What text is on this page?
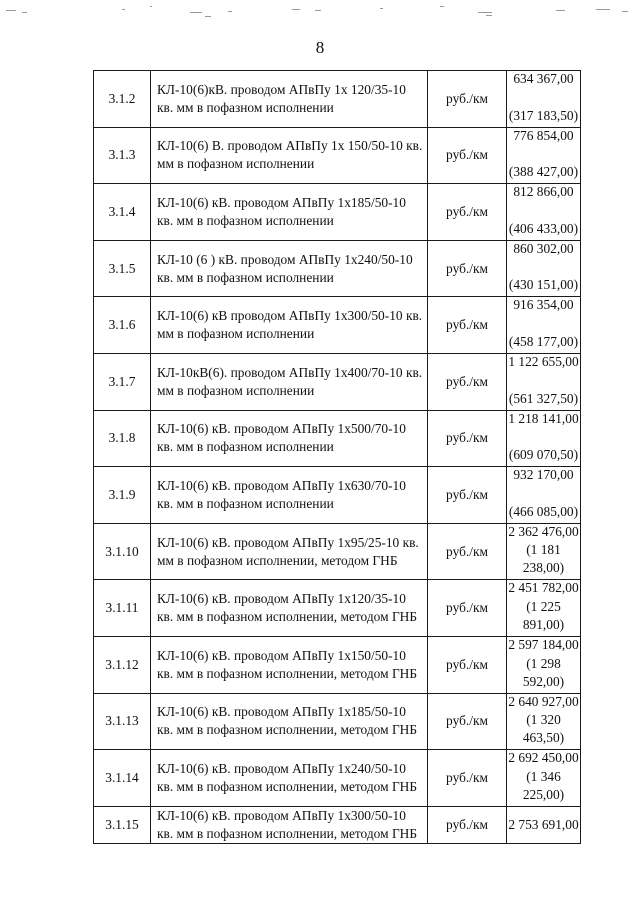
8
3.1.2	КЛ-10(6)кВ. проводом АПвПу 1х 120/35-10 кв. мм в пофазном исполнении	руб./км	634 367,00
(317 183,50)

3.1.3	КЛ-10(6) В. проводом АПвПу 1х 150/50-10 кв. мм в пофазном исполнении	руб./км	776 854,00
(388 427,00)

3.1.4	КЛ-10(6) кВ. проводом АПвПу 1х185/50-10 кв. мм в пофазном исполнении	руб./км	812 866,00
(406 433,00)

3.1.5	КЛ-10 (6 ) кВ. проводом АПвПу 1х240/50-10 кв. мм в пофазном исполнении	руб./км	860 302,00
(430 151,00)

3.1.6	КЛ-10(6) кВ проводом АПвПу 1х300/50-10 кв. мм в пофазном исполнении	руб./км	916 354,00
(458 177,00)

3.1.7	КЛ-10кВ(6). проводом АПвПу 1х400/70-10 кв. мм в пофазном исполнении	руб./км	1 122 655,00
(561 327,50)

3.1.8	КЛ-10(6) кВ. проводом АПвПу 1х500/70-10 кв. мм в пофазном исполнении	руб./км	1 218 141,00
(609 070,50)

3.1.9	КЛ-10(6) кВ. проводом АПвПу 1х630/70-10 кв. мм в пофазном исполнении	руб./км	932 170,00
(466 085,00)

3.1.10	КЛ-10(6) кВ. проводом АПвПу 1х95/25-10 кв. мм в пофазном исполнении, методом ГНБ	руб./км	2 362 476,00
(1 181 238,00)

3.1.11	КЛ-10(6) кВ. проводом АПвПу 1х120/35-10 кв. мм в пофазном исполнении, методом ГНБ	руб./км	2 451 782,00
(1 225 891,00)

3.1.12	КЛ-10(6) кВ. проводом АПвПу 1х150/50-10 кв. мм в пофазном исполнении, методом ГНБ	руб./км	2 597 184,00
(1 298 592,00)

3.1.13	КЛ-10(6) кВ. проводом АПвПу 1х185/50-10 кв. мм в пофазном исполнении, методом ГНБ	руб./км	2 640 927,00
(1 320 463,50)

3.1.14	КЛ-10(6) кВ. проводом АПвПу 1х240/50-10 кв. мм в пофазном исполнении, методом ГНБ	руб./км	2 692 450,00
(1 346 225,00)

3.1.15	КЛ-10(6) кВ. проводом АПвПу 1х300/50-10 кв. мм в пофазном исполнении, методом ГНБ	руб./км	2 753 691,00
